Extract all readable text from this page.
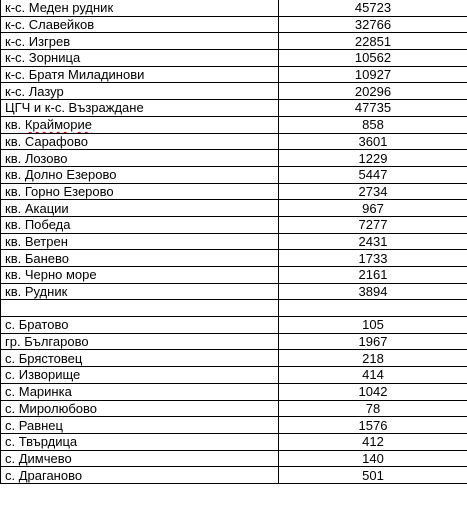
к-с. Меден рудник	45723
к-с. Славейков	32766
к-с. Изгрев	22851
к-с. Зорница	10562
к-с. Братя Миладинови	10927
к-с. Лазур	20296
ЦГЧ и к-с. Възраждане	47735
кв. Крайморие	858
кв. Сарафово	3601
кв. Лозово	1229
кв. Долно Езерово	5447
кв. Горно Езерово	2734
кв. Акации	967
кв. Победа	7277
кв. Ветрен	2431
кв. Банево	1733
кв. Черно море	2161
кв. Рудник	3894

с. Братово	105
гр. Българово	1967
с. Брястовец	218
с. Изворище	414
с. Маринка	1042
с. Миролюбово	78
с. Равнец	1576
с. Твърдица	412
с. Димчево	140
с. Драганово	501
